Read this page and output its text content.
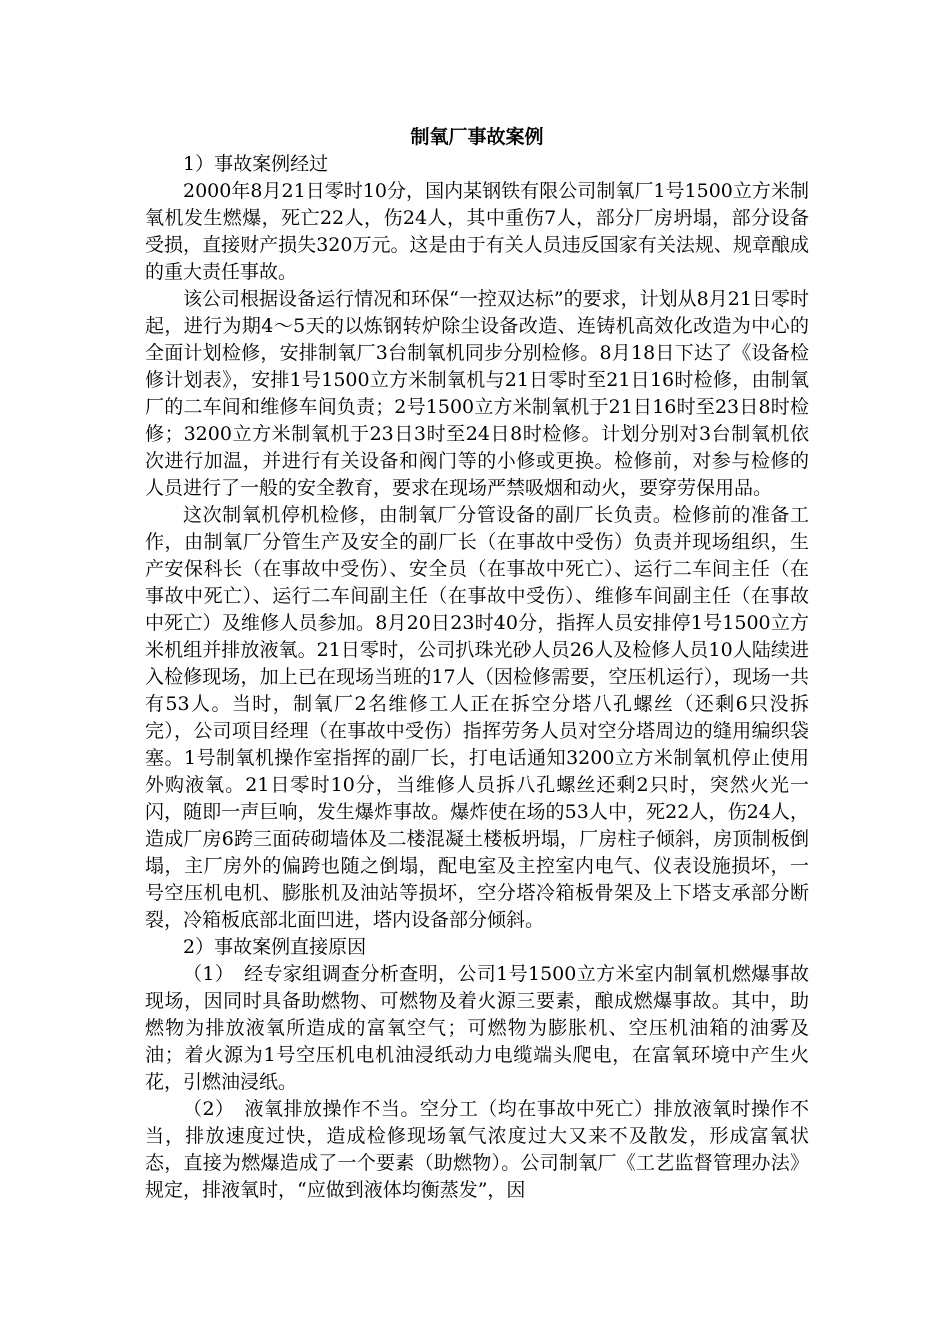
制氧厂事故案例
1）事故案例经过
2000年8月21日零时10分，国内某钢铁有限公司制氧厂1号1500立方米制氧机发生燃爆，死亡22人，伤24人，其中重伤7人，部分厂房坍塌，部分设备受损，直接财产损失320万元。这是由于有关人员违反国家有关法规、规章酿成的重大责任事故。
该公司根据设备运行情况和环保“一控双达标”的要求，计划从8月21日零时起，进行为期4～5天的以炼钢转炉除尘设备改造、连铸机高效化改造为中心的全面计划检修，安排制氧厂3台制氧机同步分别检修。8月18日下达了《设备检修计划表》，安排1号1500立方米制氧机与21日零时至21日16时检修，由制氧厂的二车间和维修车间负责；2号1500立方米制氧机于21日16时至23日8时检修；3200立方米制氧机于23日3时至24日8时检修。计划分别对3台制氧机依次进行加温，并进行有关设备和阀门等的小修或更换。检修前，对参与检修的人员进行了一般的安全教育，要求在现场严禁吸烟和动火，要穿劳保用品。
这次制氧机停机检修，由制氧厂分管设备的副厂长负责。检修前的准备工作，由制氧厂分管生产及安全的副厂长（在事故中受伤）负责并现场组织，生产安保科长（在事故中受伤）、安全员（在事故中死亡）、运行二车间主任（在事故中死亡）、运行二车间副主任（在事故中受伤）、维修车间副主任（在事故中死亡）及维修人员参加。8月20日23时40分，指挥人员安排停1号1500立方米机组并排放液氧。21日零时，公司扒珠光砂人员26人及检修人员10人陆续进入检修现场，加上已在现场当班的17人（因检修需要，空压机运行），现场一共有53人。当时，制氧厂2名维修工人正在拆空分塔八孔螺丝（还剩6只没拆完），公司项目经理（在事故中受伤）指挥劳务人员对空分塔周边的缝用编织袋塞。1号制氧机操作室指挥的副厂长，打电话通知3200立方米制氧机停止使用外购液氧。21日零时10分，当维修人员拆八孔螺丝还剩2只时，突然火光一闪，随即一声巨响，发生爆炸事故。爆炸使在场的53人中，死22人，伤24人，造成厂房6跨三面砖砌墙体及二楼混凝土楼板坍塌，厂房柱子倾斜，房顶制板倒塌，主厂房外的偏跨也随之倒塌，配电室及主控室内电气、仪表设施损坏，一号空压机电机、膨胀机及油站等损坏，空分塔冷箱板骨架及上下塔支承部分断裂，冷箱板底部北面凹进，塔内设备部分倾斜。
2）事故案例直接原因
（1）　经专家组调查分析查明，公司1号1500立方米室内制氧机燃爆事故现场，因同时具备助燃物、可燃物及着火源三要素，酿成燃爆事故。其中，助燃物为排放液氧所造成的富氧空气；可燃物为膨胀机、空压机油箱的油雾及油；着火源为1号空压机电机油浸纸动力电缆端头爬电，在富氧环境中产生火花，引燃油浸纸。
（2）　液氧排放操作不当。空分工（均在事故中死亡）排放液氧时操作不当，排放速度过快，造成检修现场氧气浓度过大又来不及散发，形成富氧状态，直接为燃爆造成了一个要素（助燃物）。公司制氧厂《工艺监督管理办法》规定，排液氧时，“应做到液体均衡蒸发”，因
